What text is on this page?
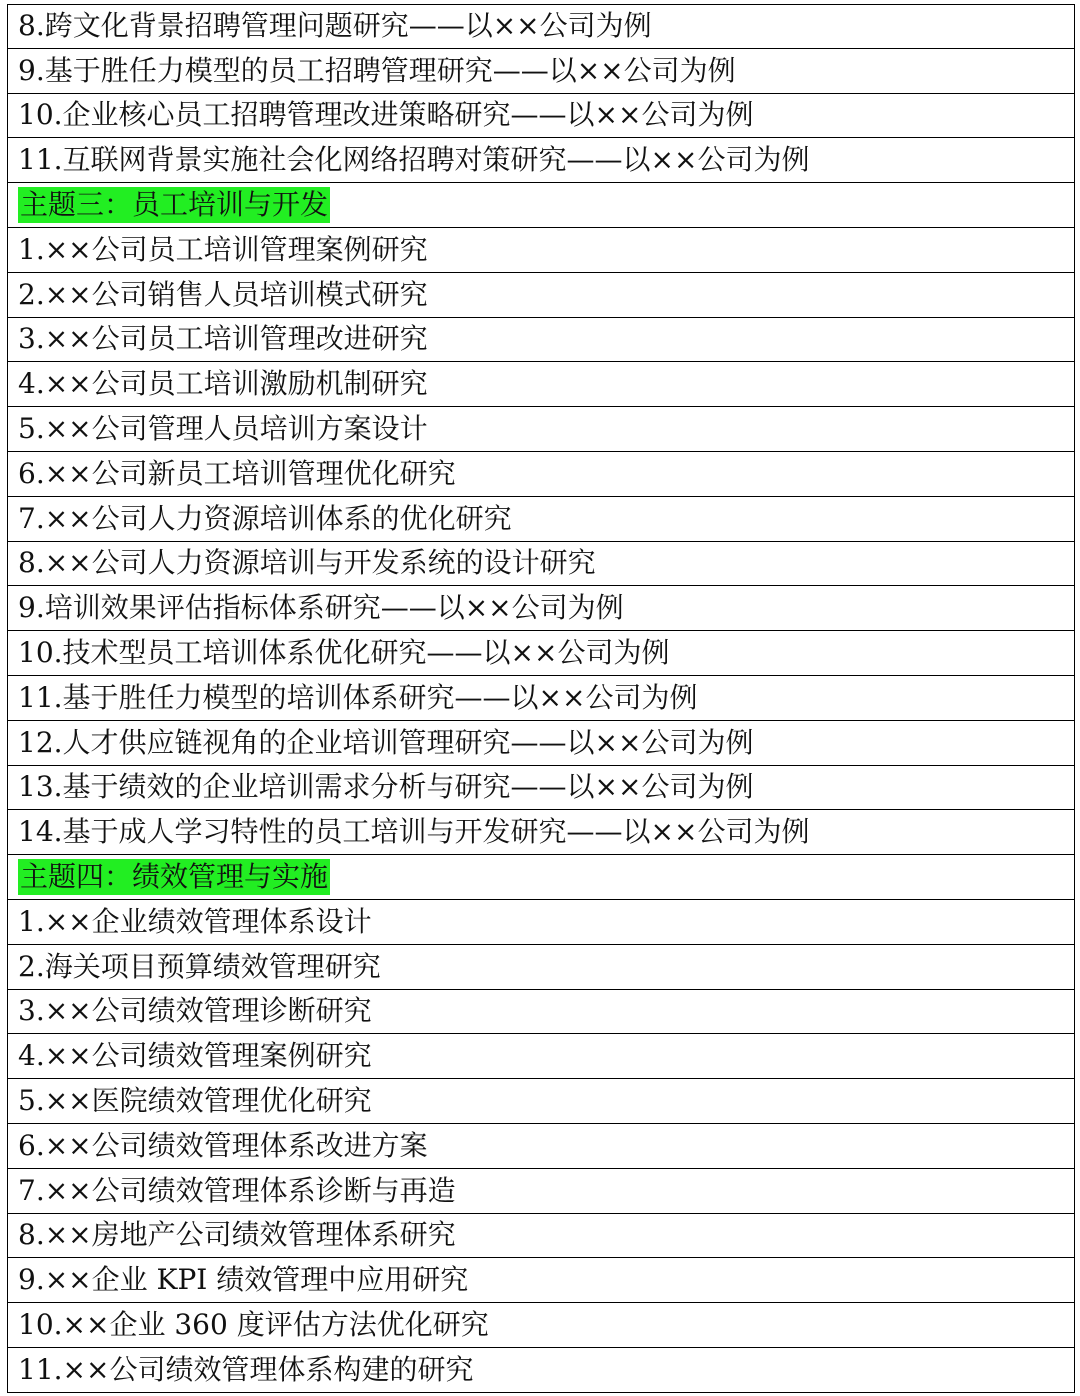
8.跨文化背景招聘管理问题研究——以××公司为例
9.基于胜任力模型的员工招聘管理研究——以××公司为例
10.企业核心员工招聘管理改进策略研究——以××公司为例
11.互联网背景实施社会化网络招聘对策研究——以××公司为例
主题三：员工培训与开发
1.××公司员工培训管理案例研究
2.××公司销售人员培训模式研究
3.××公司员工培训管理改进研究
4.××公司员工培训激励机制研究
5.××公司管理人员培训方案设计
6.××公司新员工培训管理优化研究
7.××公司人力资源培训体系的优化研究
8.××公司人力资源培训与开发系统的设计研究
9.培训效果评估指标体系研究——以××公司为例
10.技术型员工培训体系优化研究——以××公司为例
11.基于胜任力模型的培训体系研究——以××公司为例
12.人才供应链视角的企业培训管理研究——以××公司为例
13.基于绩效的企业培训需求分析与研究——以××公司为例
14.基于成人学习特性的员工培训与开发研究——以××公司为例
主题四：绩效管理与实施
1.××企业绩效管理体系设计
2.海关项目预算绩效管理研究
3.××公司绩效管理诊断研究
4.××公司绩效管理案例研究
5.××医院绩效管理优化研究
6.××公司绩效管理体系改进方案
7.××公司绩效管理体系诊断与再造
8.××房地产公司绩效管理体系研究
9.××企业 KPI 绩效管理中应用研究
10.××企业 360 度评估方法优化研究
11.××公司绩效管理体系构建的研究
